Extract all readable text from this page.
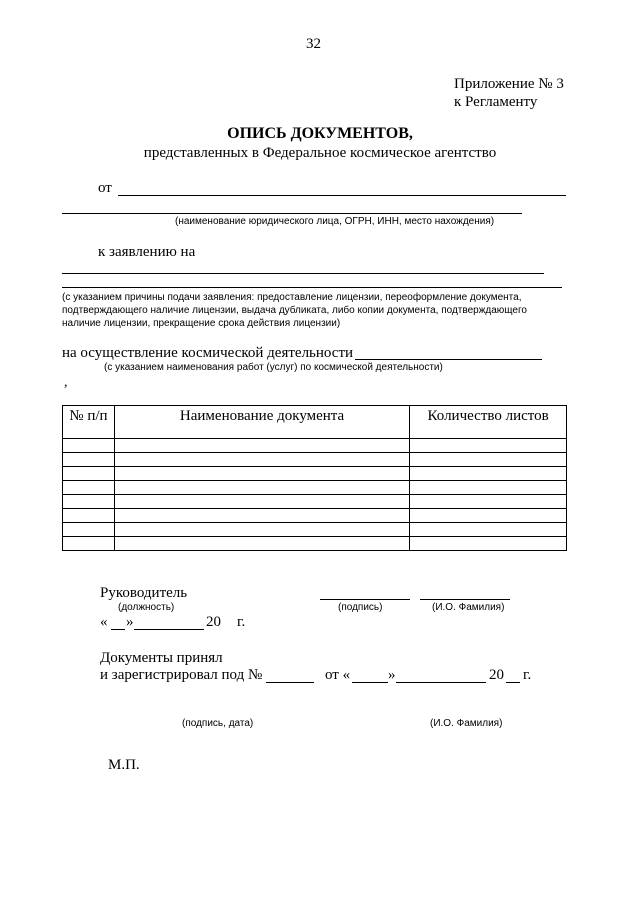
32
Приложение № 3
к Регламенту
ОПИСЬ ДОКУМЕНТОВ,
представленных в Федеральное космическое агентство
от
(наименование юридического лица, ОГРН, ИНН, место нахождения)
к заявлению на
(с указанием причины подачи заявления: предоставление лицензии, переоформление документа, подтверждающего наличие лицензии, выдача дубликата, либо копии документа, подтверждающего наличие лицензии, прекращение срока действия лицензии)
на осуществление космической деятельности
(с указанием наименования работ (услуг) по космической деятельности)
,
№ п/п	Наименование документа	Количество листов

Руководитель
(должность)	(подпись)	(И.О. Фамилия)
« »	20 г.
Документы принял
и зарегистрировал под №	от «	»	20 г.
(подпись, дата)	(И.О. Фамилия)
М.П.
